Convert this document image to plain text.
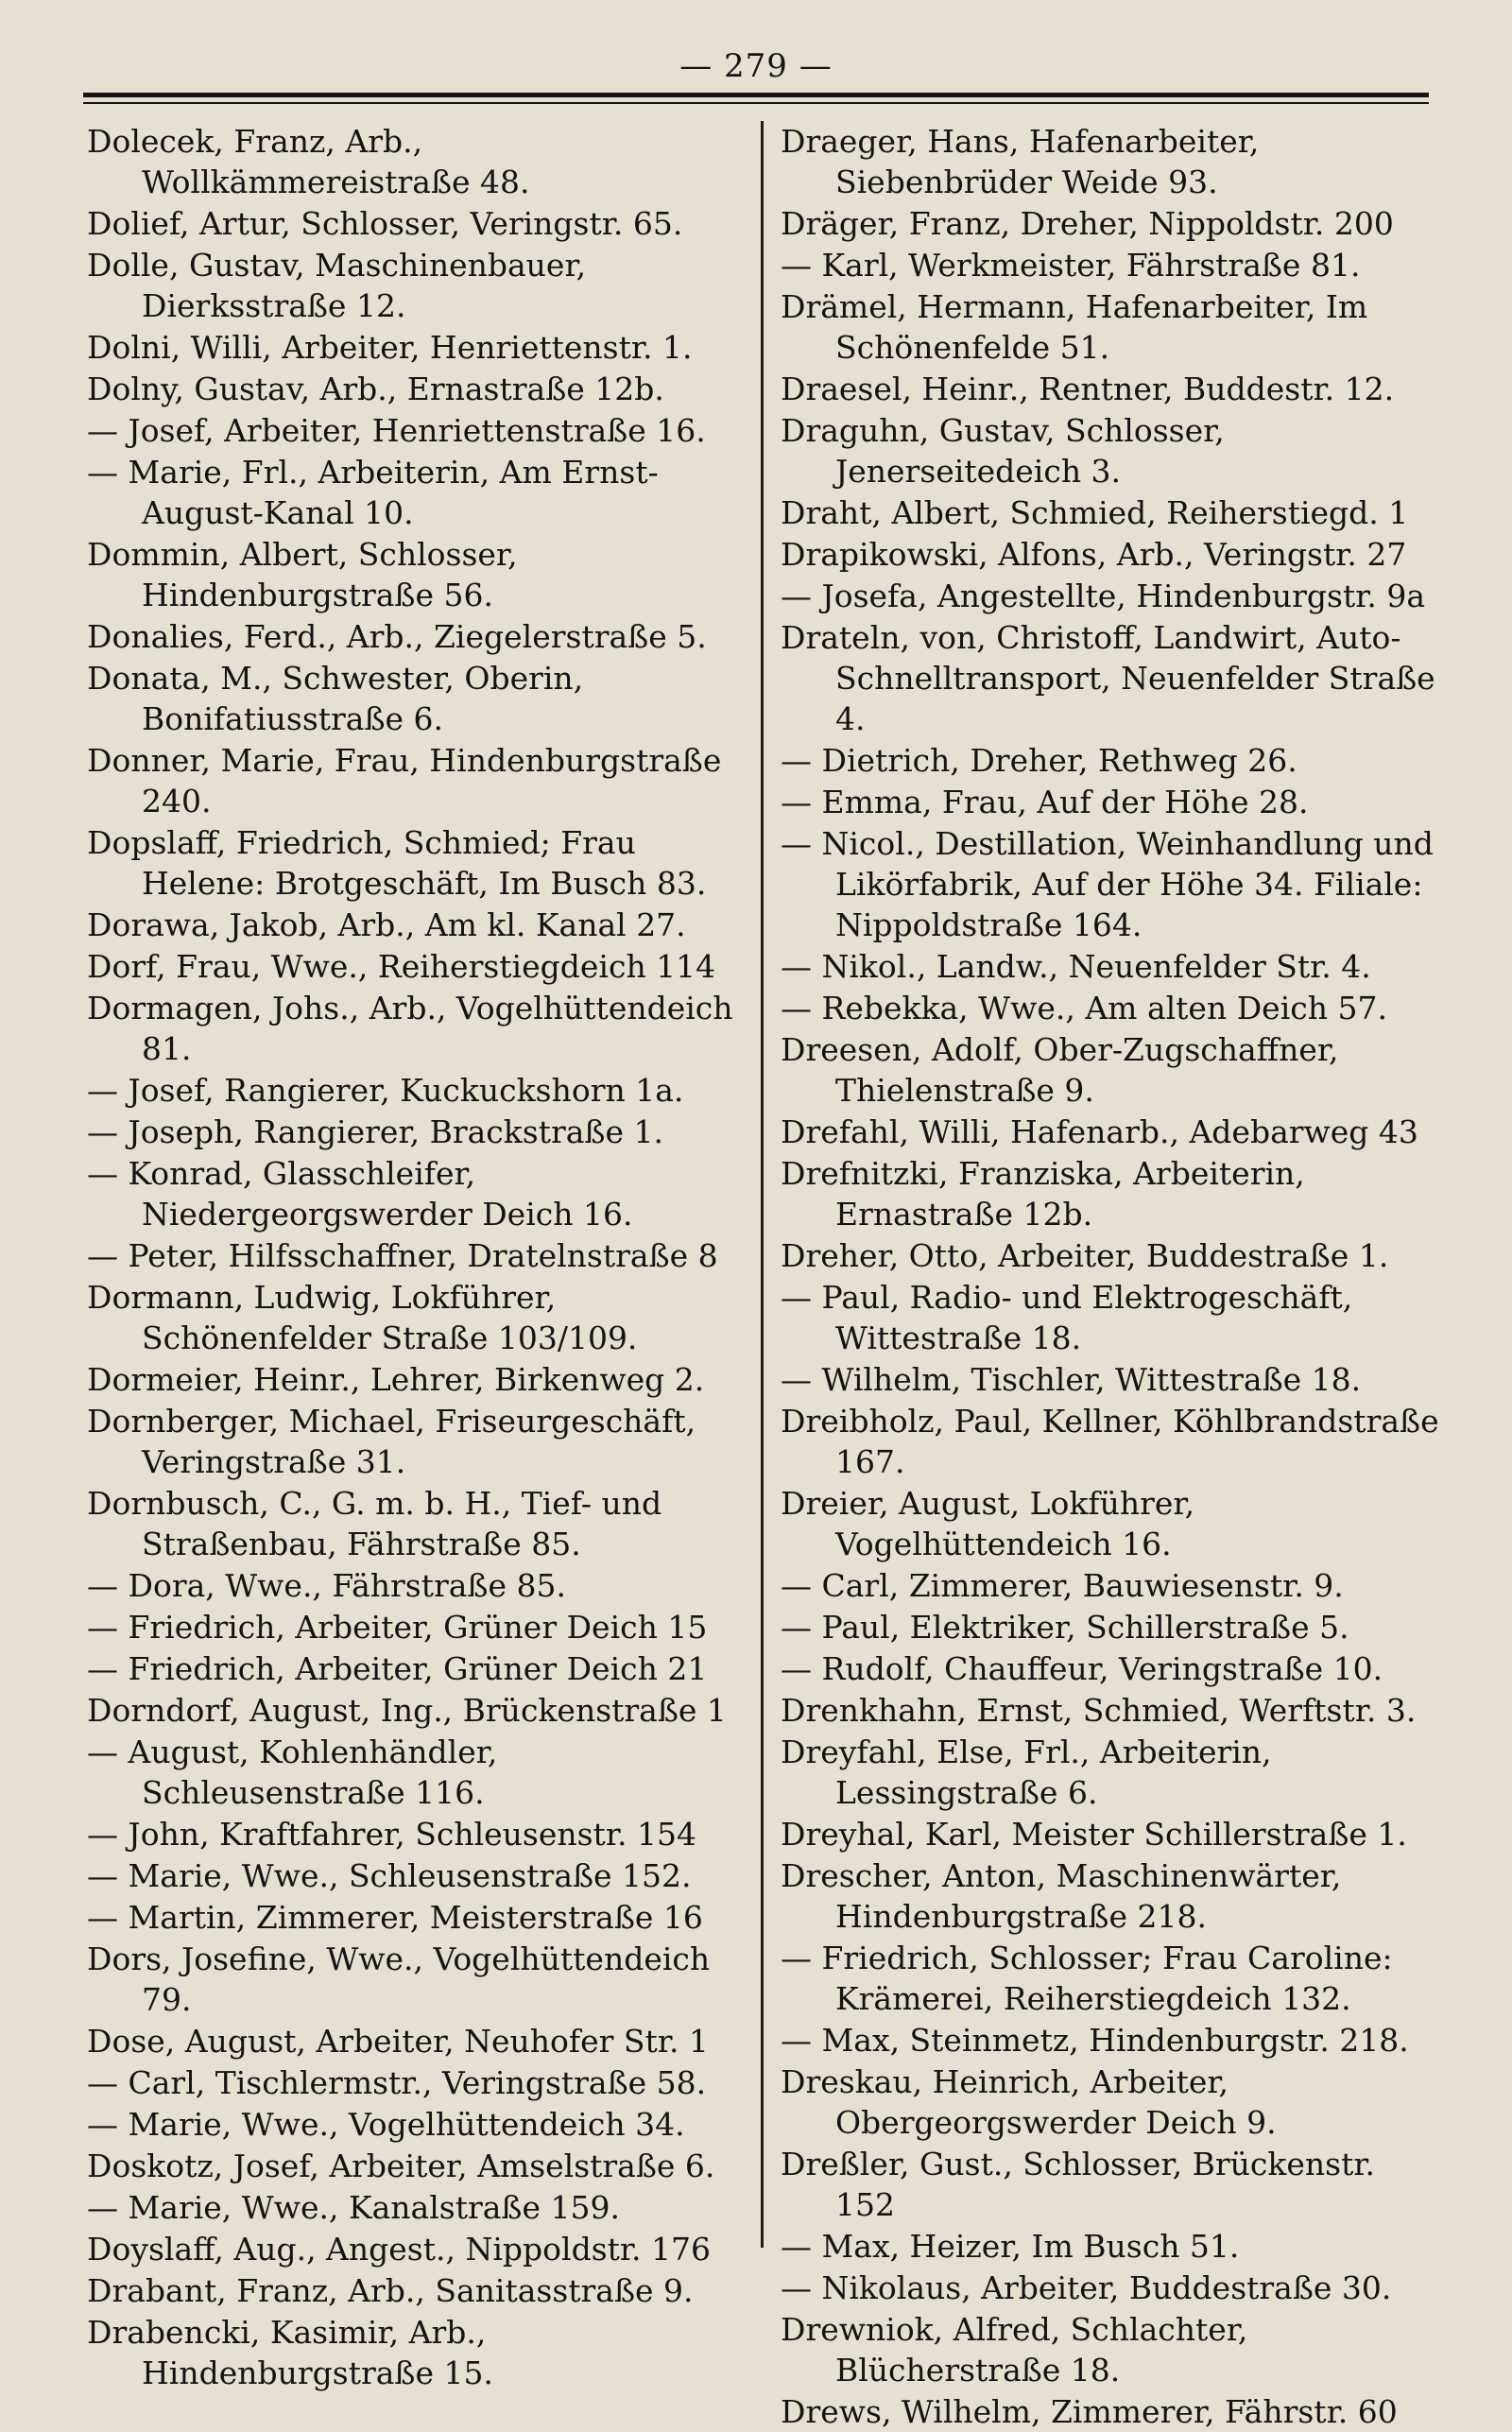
— 279 —
Dolecek, Franz, Arb., Wollkämmereistraße 48.
Dolief, Artur, Schlosser, Veringstr. 65.
Dolle, Gustav, Maschinenbauer, Dierksstraße 12.
Dolni, Willi, Arbeiter, Henriettenstr. 1.
Dolny, Gustav, Arb., Ernastraße 12b.
— Josef, Arbeiter, Henriettenstraße 16.
— Marie, Frl., Arbeiterin, Am Ernst-August-Kanal 10.
Dommin, Albert, Schlosser, Hindenburgstraße 56.
Donalies, Ferd., Arb., Ziegelerstraße 5.
Donata, M., Schwester, Oberin, Bonifatiusstraße 6.
Donner, Marie, Frau, Hindenburgstraße 240.
Dopslaff, Friedrich, Schmied; Frau Helene: Brotgeschäft, Im Busch 83.
Dorawa, Jakob, Arb., Am kl. Kanal 27.
Dorf, Frau, Wwe., Reiherstiegdeich 114
Dormagen, Johs., Arb., Vogelhüttendeich 81.
— Josef, Rangierer, Kuckuckshorn 1a.
— Joseph, Rangierer, Brackstraße 1.
— Konrad, Glasschleifer, Niedergeorgswerder Deich 16.
— Peter, Hilfsschaffner, Dratelnstraße 8
Dormann, Ludwig, Lokführer, Schönenfelder Straße 103/109.
Dormeier, Heinr., Lehrer, Birkenweg 2.
Dornberger, Michael, Friseurgeschäft, Veringstraße 31.
Dornbusch, C., G. m. b. H., Tief- und Straßenbau, Fährstraße 85.
— Dora, Wwe., Fährstraße 85.
— Friedrich, Arbeiter, Grüner Deich 15
— Friedrich, Arbeiter, Grüner Deich 21
Dorndorf, August, Ing., Brückenstraße 1
— August, Kohlenhändler, Schleusenstraße 116.
— John, Kraftfahrer, Schleusenstr. 154
— Marie, Wwe., Schleusenstraße 152.
— Martin, Zimmerer, Meisterstraße 16
Dors, Josefine, Wwe., Vogelhüttendeich 79.
Dose, August, Arbeiter, Neuhofer Str. 1
— Carl, Tischlermstr., Veringstraße 58.
— Marie, Wwe., Vogelhüttendeich 34.
Doskotz, Josef, Arbeiter, Amselstraße 6.
— Marie, Wwe., Kanalstraße 159.
Doyslaff, Aug., Angest., Nippoldstr. 176
Drabant, Franz, Arb., Sanitasstraße 9.
Drabencki, Kasimir, Arb., Hindenburgstraße 15.
Draeger, Hans, Hafenarbeiter, Siebenbrüder Weide 93.
Dräger, Franz, Dreher, Nippoldstr. 200
— Karl, Werkmeister, Fährstraße 81.
Drämel, Hermann, Hafenarbeiter, Im Schönenfelde 51.
Draesel, Heinr., Rentner, Buddestr. 12.
Draguhn, Gustav, Schlosser, Jenerseitedeich 3.
Draht, Albert, Schmied, Reiherstiegd. 1
Drapikowski, Alfons, Arb., Veringstr. 27
— Josefa, Angestellte, Hindenburgstr. 9a
Drateln, von, Christoff, Landwirt, Auto-Schnelltransport, Neuenfelder Straße 4.
— Dietrich, Dreher, Rethweg 26.
— Emma, Frau, Auf der Höhe 28.
— Nicol., Destillation, Weinhandlung und Likörfabrik, Auf der Höhe 34. Filiale: Nippoldstraße 164.
— Nikol., Landw., Neuenfelder Str. 4.
— Rebekka, Wwe., Am alten Deich 57.
Dreesen, Adolf, Ober-Zugschaffner, Thielenstraße 9.
Drefahl, Willi, Hafenarb., Adebarweg 43
Drefnitzki, Franziska, Arbeiterin, Ernastraße 12b.
Dreher, Otto, Arbeiter, Buddestraße 1.
— Paul, Radio- und Elektrogeschäft, Wittestraße 18.
— Wilhelm, Tischler, Wittestraße 18.
Dreibholz, Paul, Kellner, Köhlbrandstraße 167.
Dreier, August, Lokführer, Vogelhüttendeich 16.
— Carl, Zimmerer, Bauwiesenstr. 9.
— Paul, Elektriker, Schillerstraße 5.
— Rudolf, Chauffeur, Veringstraße 10.
Drenkhahn, Ernst, Schmied, Werftstr. 3.
Dreyfahl, Else, Frl., Arbeiterin, Lessingstraße 6.
Dreyhal, Karl, Meister Schillerstraße 1.
Drescher, Anton, Maschinenwärter, Hindenburgstraße 218.
— Friedrich, Schlosser; Frau Caroline: Krämerei, Reiherstiegdeich 132.
— Max, Steinmetz, Hindenburgstr. 218.
Dreskau, Heinrich, Arbeiter, Obergeorgswerder Deich 9.
Dreßler, Gust., Schlosser, Brückenstr. 152
— Max, Heizer, Im Busch 51.
— Nikolaus, Arbeiter, Buddestraße 30.
Drewniok, Alfred, Schlachter, Blücherstraße 18.
Drews, Wilhelm, Zimmerer, Fährstr. 60
